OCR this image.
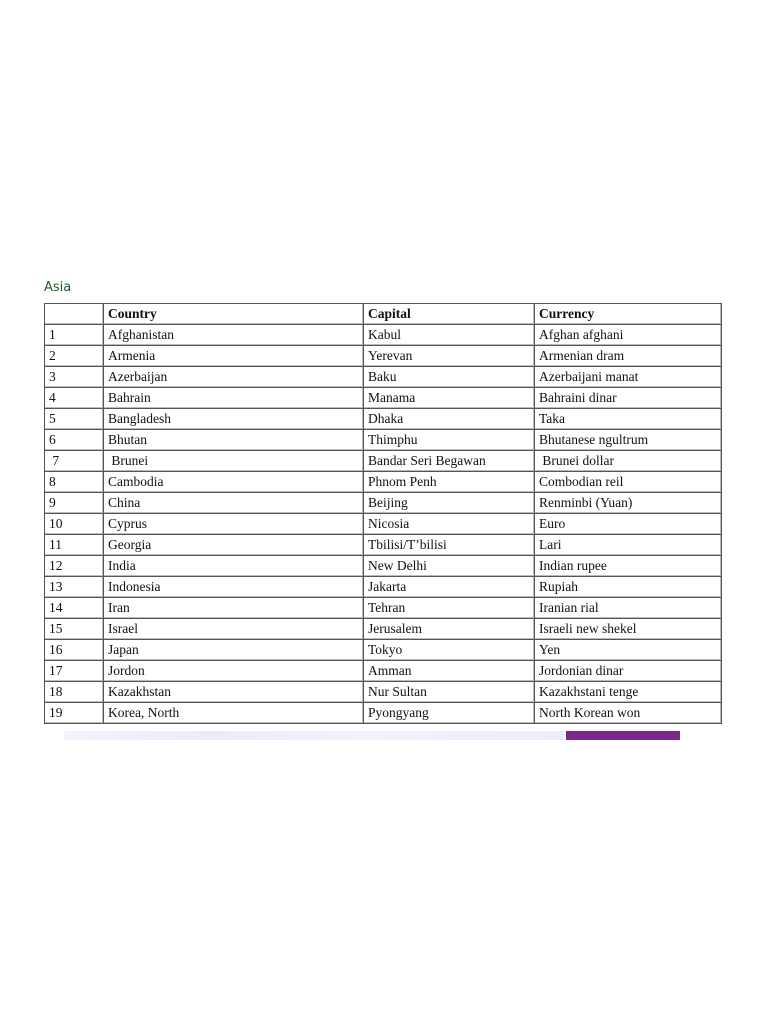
Asia
	Country	Capital	Currency
1	Afghanistan	Kabul	Afghan afghani
2	Armenia	Yerevan	Armenian dram
3	Azerbaijan	Baku	Azerbaijani manat
4	Bahrain	Manama	Bahraini dinar
5	Bangladesh	Dhaka	Taka
6	Bhutan	Thimphu	Bhutanese ngultrum
7	Brunei	Bandar Seri Begawan	Brunei dollar
8	Cambodia	Phnom Penh	Combodian reil
9	China	Beijing	Renminbi (Yuan)
10	Cyprus	Nicosia	Euro
11	Georgia	Tbilisi/T’bilisi	Lari
12	India	New Delhi	Indian rupee
13	Indonesia	Jakarta	Rupiah
14	Iran	Tehran	Iranian rial
15	Israel	Jerusalem	Israeli new shekel
16	Japan	Tokyo	Yen
17	Jordon	Amman	Jordonian dinar
18	Kazakhstan	Nur Sultan	Kazakhstani tenge
19	Korea, North	Pyongyang	North Korean won
